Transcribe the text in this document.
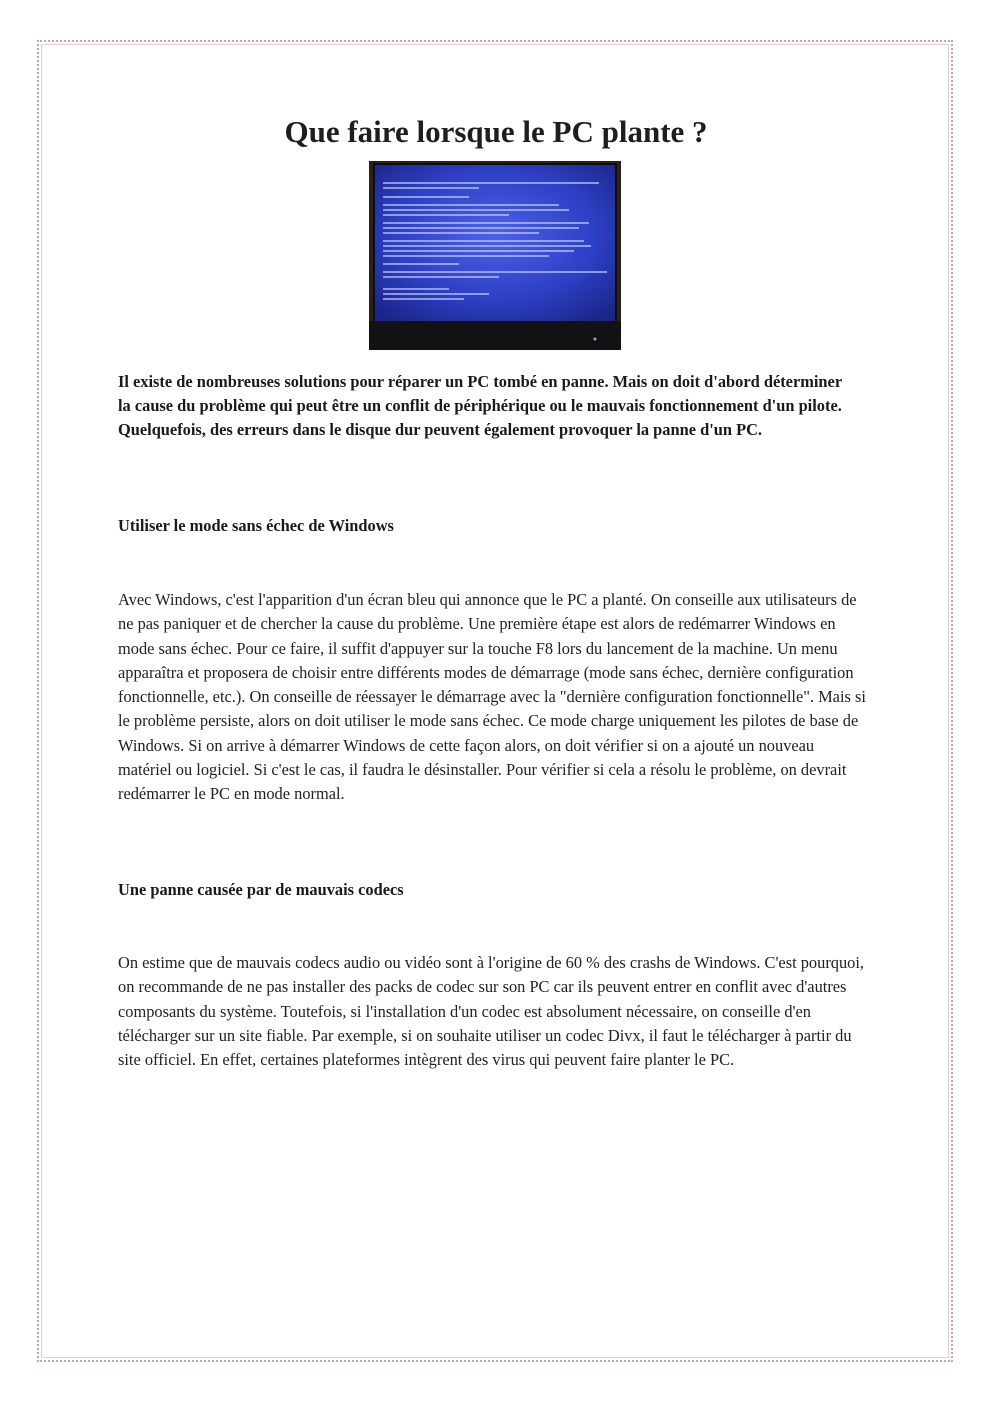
Que faire lorsque le PC plante ?

Il existe de nombreuses solutions pour réparer un PC tombé en panne. Mais on doit d'abord déterminer la cause du problème qui peut être un conflit de périphérique ou le mauvais fonctionnement d'un pilote. Quelquefois, des erreurs dans le disque dur peuvent également provoquer la panne d'un PC.

Utiliser le mode sans échec de Windows

Avec Windows, c'est l'apparition d'un écran bleu qui annonce que le PC a planté. On conseille aux utilisateurs de ne pas paniquer et de chercher la cause du problème. Une première étape est alors de redémarrer Windows en mode sans échec. Pour ce faire, il suffit d'appuyer sur la touche F8 lors du lancement de la machine. Un menu apparaîtra et proposera de choisir entre différents modes de démarrage (mode sans échec, dernière configuration fonctionnelle, etc.). On conseille de réessayer le démarrage avec la "dernière configuration fonctionnelle". Mais si le problème persiste, alors on doit utiliser le mode sans échec. Ce mode charge uniquement les pilotes de base de Windows. Si on arrive à démarrer Windows de cette façon alors, on doit vérifier si on a ajouté un nouveau matériel ou logiciel. Si c'est le cas, il faudra le désinstaller. Pour vérifier si cela a résolu le problème, on devrait redémarrer le PC en mode normal.

Une panne causée par de mauvais codecs

On estime que de mauvais codecs audio ou vidéo sont à l'origine de 60 % des crashs de Windows. C'est pourquoi, on recommande de ne pas installer des packs de codec sur son PC car ils peuvent entrer en conflit avec d'autres composants du système. Toutefois, si l'installation d'un codec est absolument nécessaire, on conseille d'en télécharger sur un site fiable. Par exemple, si on souhaite utiliser un codec Divx, il faut le télécharger à partir du site officiel. En effet, certaines plateformes intègrent des virus qui peuvent faire planter le PC.
